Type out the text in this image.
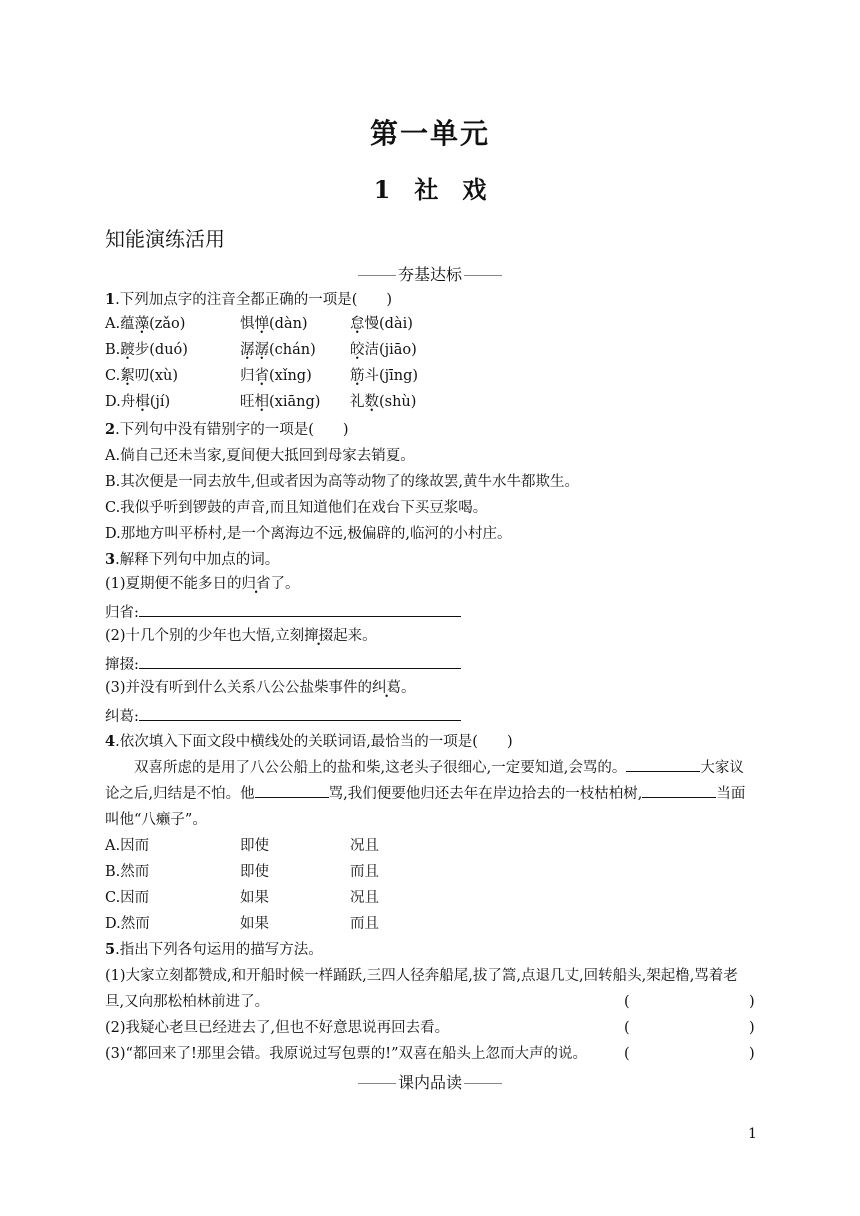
第一单元
1　社　戏
知能演练活用
夯基达标
1.下列加点字的注音全都正确的一项是(　　)
A.蕴藻(zǎo)	惧惮(dàn)	怠慢(dài)
B.踱步(duó)	潺潺(chán) 皎洁(jiāo)
C.絮叨(xù)	归省(xǐng)	筋斗(jīng)
D.舟楫(jí)	旺相(xiāng) 礼数(shù)
2.下列句中没有错别字的一项是(　　)
A.倘自己还未当家,夏间便大抵回到母家去销夏。
B.其次便是一同去放牛,但或者因为高等动物了的缘故罢,黄牛水牛都欺生。
C.我似乎听到锣鼓的声音,而且知道他们在戏台下买豆浆喝。
D.那地方叫平桥村,是一个离海边不远,极偏辟的,临河的小村庄。
3.解释下列句中加点的词。
(1)夏期便不能多日的归省了。
归省:
(2)十几个别的少年也大悟,立刻撺掇起来。
撺掇:
(3)并没有听到什么关系八公公盐柴事件的纠葛。
纠葛:
4.依次填入下面文段中横线处的关联词语,最恰当的一项是(　　)
双喜所虑的是用了八公公船上的盐和柴,这老头子很细心,一定要知道,会骂的。	大家议论之后,归结是不怕。他	骂,我们便要他归还去年在岸边拾去的一枝枯柏树,	当面叫他“八癞子”。
A.因而	即使	况且
B.然而	即使	而且
C.因而	如果	况且
D.然而	如果	而且
5.指出下列各句运用的描写方法。
(1)大家立刻都赞成,和开船时候一样踊跃,三四人径奔船尾,拔了篙,点退几丈,回转船头,架起橹,骂着老
旦,又向那松柏林前进了。	(	)
(2)我疑心老旦已经进去了,但也不好意思说再回去看。	(	)
(3)“都回来了!那里会错。我原说过写包票的!”双喜在船头上忽而大声的说。	(	)
课内品读
1
